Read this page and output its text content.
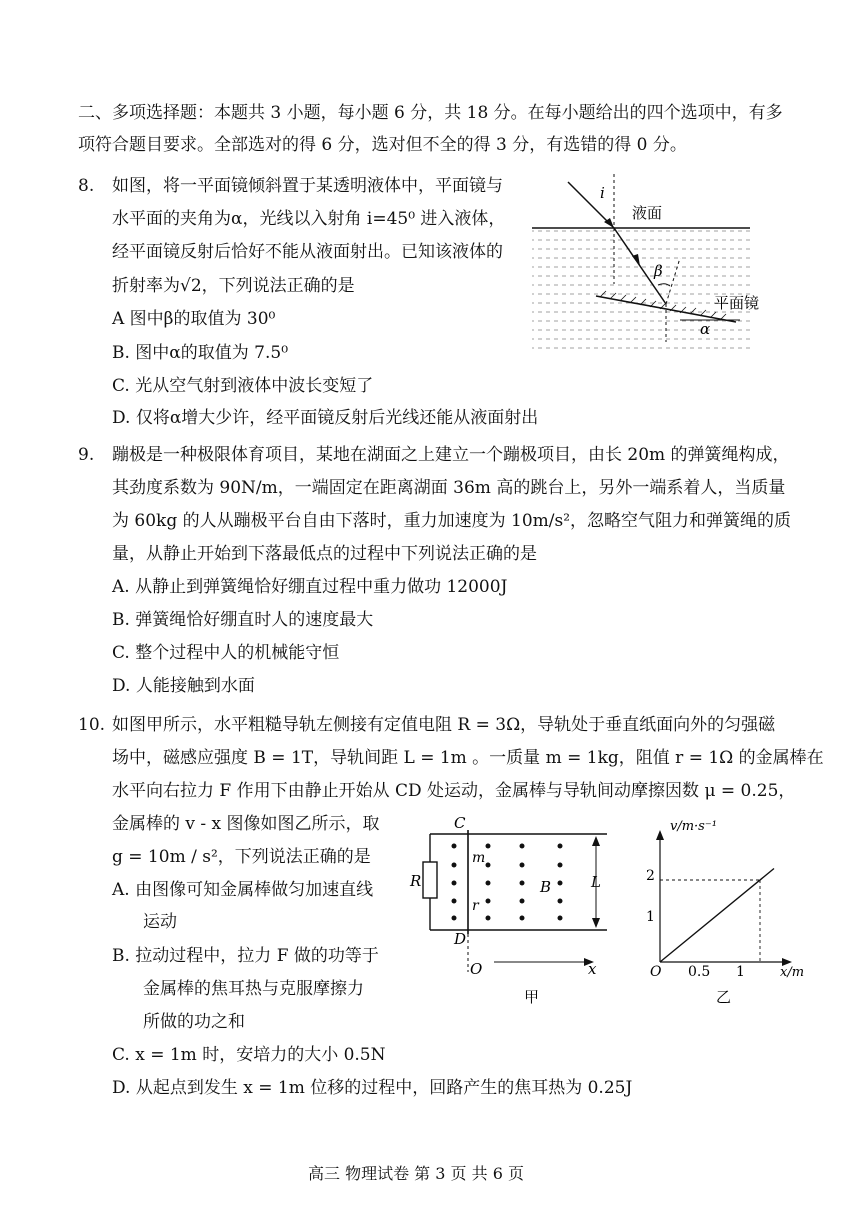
二、多项选择题：本题共 3 小题，每小题 6 分，共 18 分。在每小题给出的四个选项中，有多
项符合题目要求。全部选对的得 6 分，选对但不全的得 3 分，有选错的得 0 分。
8. 如图，将一平面镜倾斜置于某透明液体中，平面镜与
水平面的夹角为α，光线以入射角 i=45⁰ 进入液体，
经平面镜反射后恰好不能从液面射出。已知该液体的
折射率为√2，下列说法正确的是
A 图中β的取值为 30⁰
B. 图中α的取值为 7.5⁰
C. 光从空气射到液体中波长变短了
D. 仅将α增大少许，经平面镜反射后光线还能从液面射出
i
液面
β
平面镜
α
9. 蹦极是一种极限体育项目，某地在湖面之上建立一个蹦极项目，由长 20m 的弹簧绳构成，
其劲度系数为 90N/m，一端固定在距离湖面 36m 高的跳台上，另外一端系着人，当质量
为 60kg 的人从蹦极平台自由下落时，重力加速度为 10m/s²，忽略空气阻力和弹簧绳的质
量，从静止开始到下落最低点的过程中下列说法正确的是
A. 从静止到弹簧绳恰好绷直过程中重力做功 12000J
B. 弹簧绳恰好绷直时人的速度最大
C. 整个过程中人的机械能守恒
D. 人能接触到水面
10. 如图甲所示，水平粗糙导轨左侧接有定值电阻 R = 3Ω，导轨处于垂直纸面向外的匀强磁
场中，磁感应强度 B = 1T，导轨间距 L = 1m 。一质量 m = 1kg，阻值 r = 1Ω 的金属棒在
水平向右拉力 F 作用下由静止开始从 CD 处运动，金属棒与导轨间动摩擦因数 μ = 0.25，
金属棒的 v - x 图像如图乙所示，取
g = 10m / s²，下列说法正确的是
A. 由图像可知金属棒做匀加速直线
运动
B. 拉动过程中，拉力 F 做的功等于
金属棒的焦耳热与克服摩擦力
所做的功之和
C. x = 1m 时，安培力的大小 0.5N
D. 从起点到发生 x = 1m 位移的过程中，回路产生的焦耳热为 0.25J
C
D
R
m
r
B	L
O	x
甲
v/m·s⁻¹
x/m
2
1
O 0.5 1
乙
高三 物理试卷 第 3 页 共 6 页
